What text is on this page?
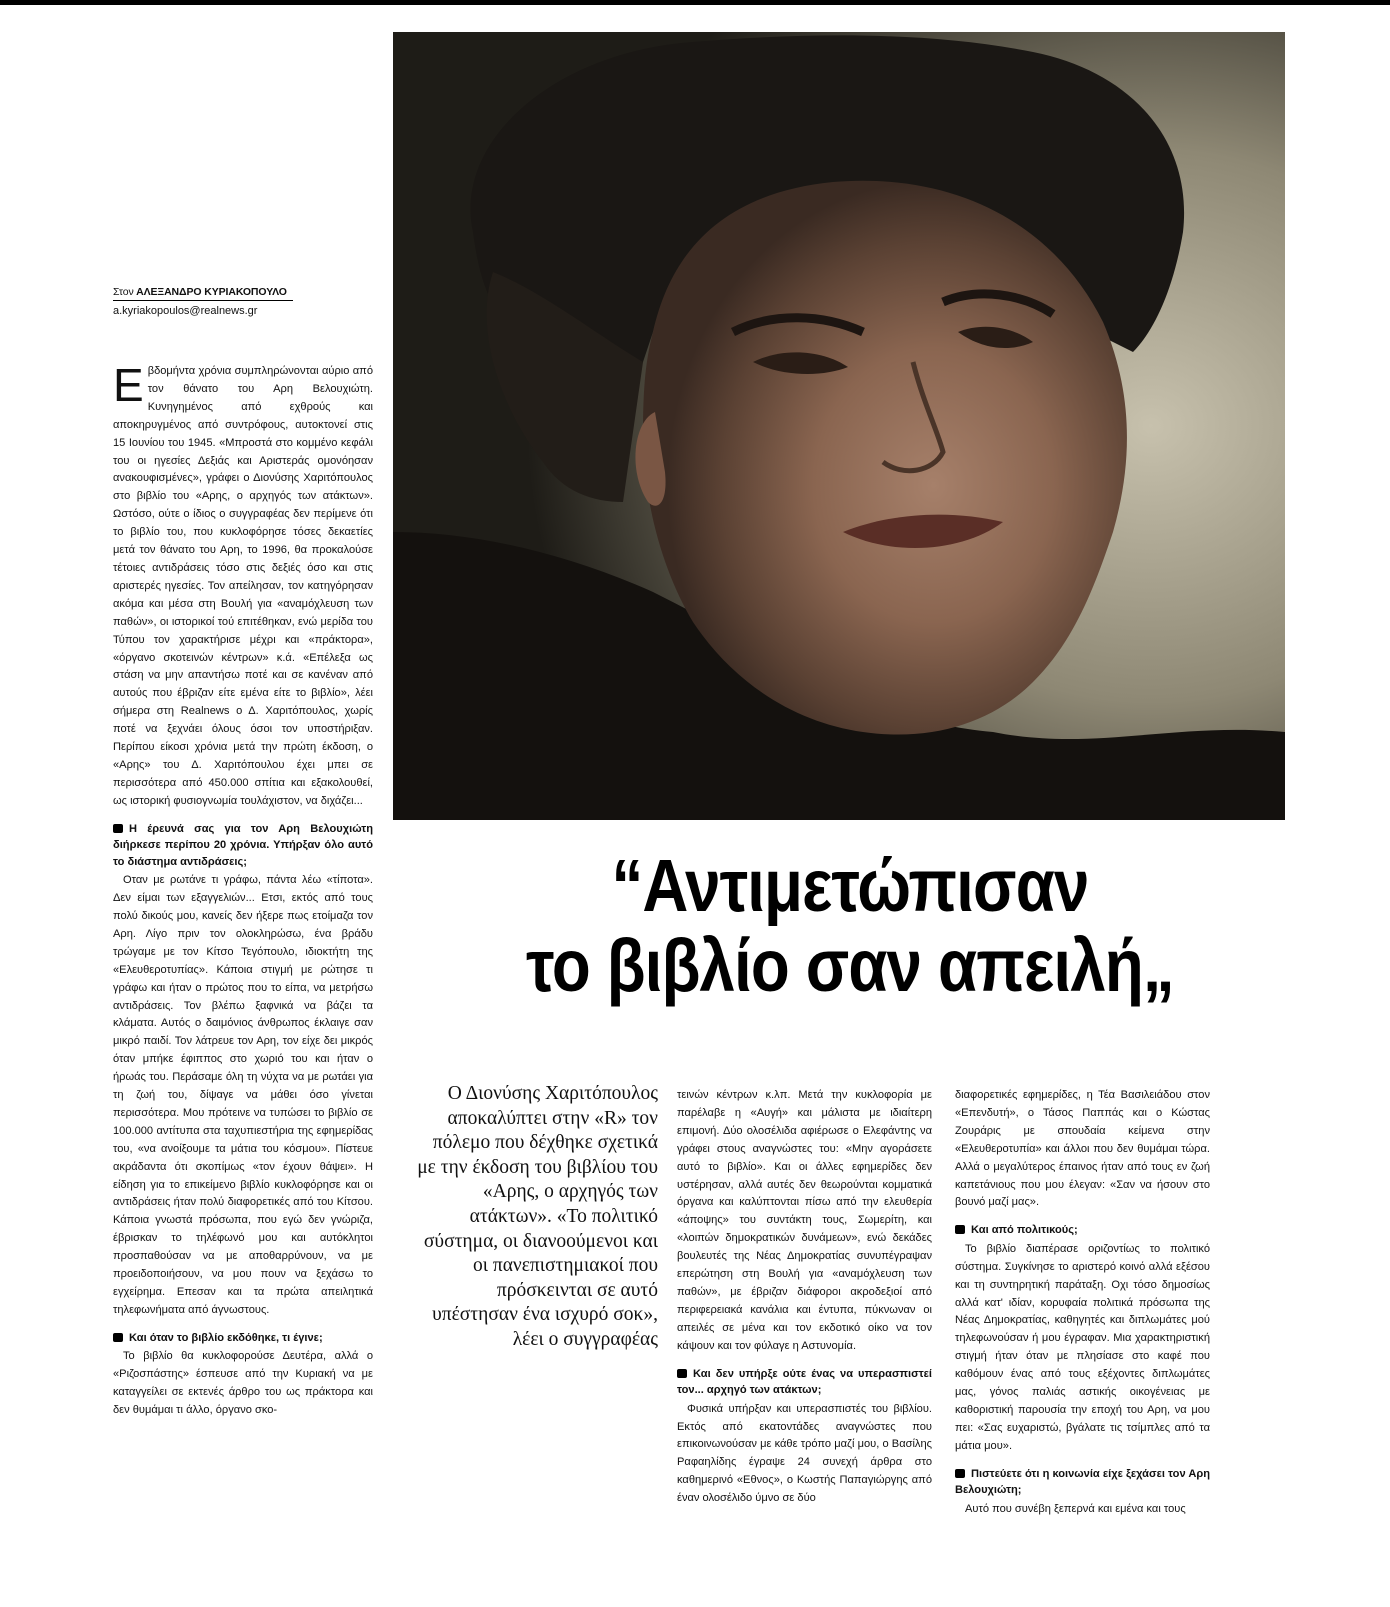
Στον ΑΛΕΞΑΝΔΡΟ ΚΥΡΙΑΚΟΠΟΥΛΟ
a.kyriakopoulos@realnews.gr

Εβδομήντα χρόνια συμπληρώνονται αύριο από τον θάνατο του Αρη Βελουχιώτη. Κυνηγημένος από εχθρούς και αποκηρυγμένος από συντρόφους, αυτοκτονεί στις 15 Ιουνίου του 1945. «Μπροστά στο κομμένο κεφάλι του οι ηγεσίες Δεξιάς και Αριστεράς ομονόησαν ανακουφισμένες», γράφει ο Διονύσης Χαριτόπουλος στο βιβλίο του «Αρης, ο αρχηγός των ατάκτων». Ωστόσο, ούτε ο ίδιος ο συγγραφέας δεν περίμενε ότι το βιβλίο του, που κυκλοφόρησε τόσες δεκαετίες μετά τον θάνατο του Αρη, το 1996, θα προκαλούσε τέτοιες αντιδράσεις τόσο στις δεξιές όσο και στις αριστερές ηγεσίες. Τον απείλησαν, τον κατηγόρησαν ακόμα και μέσα στη Βουλή για «αναμόχλευση των παθών», οι ιστορικοί τού επιτέθηκαν, ενώ μερίδα του Τύπου τον χαρακτήρισε μέχρι και «πράκτορα», «όργανο σκοτεινών κέντρων» κ.ά. «Επέλεξα ως στάση να μην απαντήσω ποτέ και σε κανέναν από αυτούς που έβριζαν είτε εμένα είτε το βιβλίο», λέει σήμερα στη Realnews ο Δ. Χαριτόπουλος, χωρίς ποτέ να ξεχνάει όλους όσοι τον υποστήριξαν. Περίπου είκοσι χρόνια μετά την πρώτη έκδοση, ο «Αρης» του Δ. Χαριτόπουλου έχει μπει σε περισσότερα από 450.000 σπίτια και εξακολουθεί, ως ιστορική φυσιογνωμία τουλάχιστον, να διχάζει...

Η έρευνά σας για τον Αρη Βελουχιώτη διήρκεσε περίπου 20 χρόνια. Υπήρξαν όλο αυτό το διάστημα αντιδράσεις;

Οταν με ρωτάνε τι γράφω, πάντα λέω «τίποτα». Δεν είμαι των εξαγγελιών... Ετσι, εκτός από τους πολύ δικούς μου, κανείς δεν ήξερε πως ετοίμαζα τον Αρη. Λίγο πριν τον ολοκληρώσω, ένα βράδυ τρώγαμε με τον Κίτσο Τεγόπουλο, ιδιοκτήτη της «Ελευθεροτυπίας». Κάποια στιγμή με ρώτησε τι γράφω και ήταν ο πρώτος που το είπα, να μετρήσω αντιδράσεις. Τον βλέπω ξαφνικά να βάζει τα κλάματα. Αυτός ο δαιμόνιος άνθρωπος έκλαιγε σαν μικρό παιδί. Τον λάτρευε τον Αρη, τον είχε δει μικρός όταν μπήκε έφιππος στο χωριό του και ήταν ο ήρωάς του. Περάσαμε όλη τη νύχτα να με ρωτάει για τη ζωή του, δίψαγε να μάθει όσο γίνεται περισσότερα. Μου πρότεινε να τυπώσει το βιβλίο σε 100.000 αντίτυπα στα ταχυπιεστήρια της εφημερίδας του, «να ανοίξουμε τα μάτια του κόσμου». Πίστευε ακράδαντα ότι σκοπίμως «τον έχουν θάψει». Η είδηση για το επικείμενο βιβλίο κυκλοφόρησε και οι αντιδράσεις ήταν πολύ διαφορετικές από του Κίτσου. Κάποια γνωστά πρόσωπα, που εγώ δεν γνώριζα, έβρισκαν το τηλέφωνό μου και αυτόκλητοι προσπαθούσαν να με αποθαρρύνουν, να με προειδοποιήσουν, να μου πουν να ξεχάσω το εγχείρημα. Επεσαν και τα πρώτα απειλητικά τηλεφωνήματα από άγνωστους.

Και όταν το βιβλίο εκδόθηκε, τι έγινε;

Το βιβλίο θα κυκλοφορούσε Δευτέρα, αλλά ο «Ριζοσπάστης» έσπευσε από την Κυριακή να με καταγγείλει σε εκτενές άρθρο του ως πράκτορα και δεν θυμάμαι τι άλλο, όργανο σκο-

“Αντιμετώπισαν
το βιβλίο σαν απειλή„
Ο Διονύσης Χαριτόπουλος αποκαλύπτει στην «R» τον πόλεμο που δέχθηκε σχετικά με την έκδοση του βιβλίου του «Αρης, ο αρχηγός των ατάκτων». «Το πολιτικό σύστημα, οι διανοούμενοι και οι πανεπιστημιακοί που πρόσκεινται σε αυτό υπέστησαν ένα ισχυρό σοκ», λέει ο συγγραφέας

τεινών κέντρων κ.λπ. Μετά την κυκλοφορία με παρέλαβε η «Αυγή» και μάλιστα με ιδιαίτερη επιμονή. Δύο ολοσέλιδα αφιέρωσε ο Ελεφάντης να γράφει στους αναγνώστες του: «Μην αγοράσετε αυτό το βιβλίο». Και οι άλλες εφημερίδες δεν υστέρησαν, αλλά αυτές δεν θεωρούνται κομματικά όργανα και καλύπτονται πίσω από την ελευθερία «άποψης» του συντάκτη τους, Σωμερίτη, και «λοιπών δημοκρατικών δυνάμεων», ενώ δεκάδες βουλευτές της Νέας Δημοκρατίας συνυπέγραψαν επερώτηση στη Βουλή για «αναμόχλευση των παθών», με έβριζαν διάφοροι ακροδεξιοί από περιφερειακά κανάλια και έντυπα, πύκνωναν οι απειλές σε μένα και τον εκδοτικό οίκο να τον κάψουν και τον φύλαγε η Αστυνομία.

Και δεν υπήρξε ούτε ένας να υπερασπιστεί τον... αρχηγό των ατάκτων;

Φυσικά υπήρξαν και υπερασπιστές του βιβλίου. Εκτός από εκατοντάδες αναγνώστες που επικοινωνούσαν με κάθε τρόπο μαζί μου, ο Βασίλης Ραφαηλίδης έγραψε 24 συνεχή άρθρα στο καθημερινό «Εθνος», ο Κωστής Παπαγιώργης από έναν ολοσέλιδο ύμνο σε δύο

διαφορετικές εφημερίδες, η Τέα Βασιλειάδου στον «Επενδυτή», ο Τάσος Παππάς και ο Κώστας Ζουράρις με σπουδαία κείμενα στην «Ελευθεροτυπία» και άλλοι που δεν θυμάμαι τώρα. Αλλά ο μεγαλύτερος έπαινος ήταν από τους εν ζωή καπετάνιους που μου έλεγαν: «Σαν να ήσουν στο βουνό μαζί μας».

Και από πολιτικούς;

Το βιβλίο διαπέρασε οριζοντίως το πολιτικό σύστημα. Συγκίνησε το αριστερό κοινό αλλά εξέσου και τη συντηρητική παράταξη. Οχι τόσο δημοσίως αλλά κατ' ιδίαν, κορυφαία πολιτικά πρόσωπα της Νέας Δημοκρατίας, καθηγητές και διπλωμάτες μού τηλεφωνούσαν ή μου έγραφαν. Μια χαρακτηριστική στιγμή ήταν όταν με πλησίασε στο καφέ που καθόμουν ένας από τους εξέχοντες διπλωμάτες μας, γόνος παλιάς αστικής οικογένειας με καθοριστική παρουσία την εποχή του Αρη, να μου πει: «Σας ευχαριστώ, βγάλατε τις τσίμπλες από τα μάτια μου».

Πιστεύετε ότι η κοινωνία είχε ξεχάσει τον Αρη Βελουχιώτη;

Αυτό που συνέβη ξεπερνά και εμένα και τους
